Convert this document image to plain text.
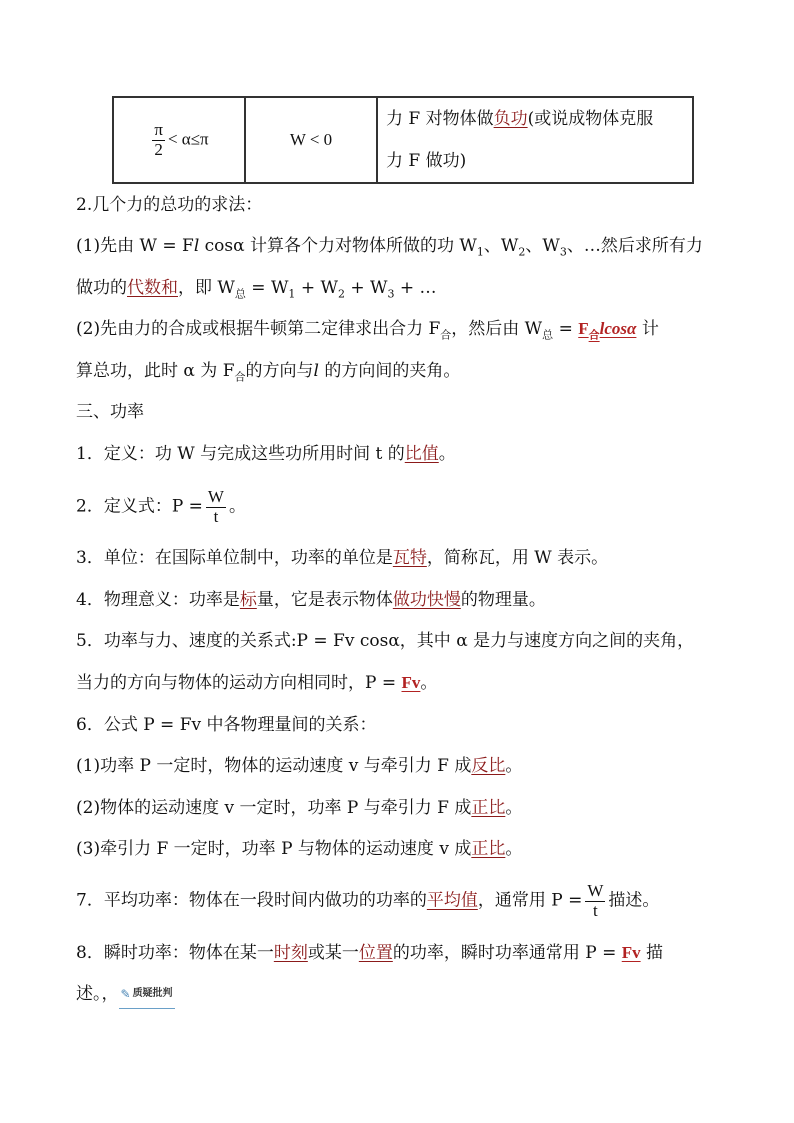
$\frac{\pi}{2} < \alpha\le\pi$	W < 0	力 F 对物体做负功(或说成物体克服
力 F 做功)
2.几个力的总功的求法：
(1)先由 W = Fl cosα 计算各个力对物体所做的功 $W_1$、$W_2$、$W_3$、…然后求所有力
做功的代数和，即 $W_总 = W_1 + W_2 + W_3$ + …
(2)先由力的合成或根据牛顿第二定律求出合力 $F_合$，然后由 $W_总 = F_合lcos\alpha$ 计
算总功，此时 α 为 $F_合$的方向与l 的方向间的夹角。
三、功率
1．定义：功 W 与完成这些功所用时间 t 的比值。
2．定义式：$P = \frac{W}{t}$ 。
3．单位：在国际单位制中，功率的单位是瓦特，简称瓦，用 W 表示。
4．物理意义：功率是标量，它是表示物体做功快慢的物理量。
5．功率与力、速度的关系式:P = Fv cosα，其中 α 是力与速度方向之间的夹角，
当力的方向与物体的运动方向相同时，P = Fv。
6．公式 P = Fv 中各物理量间的关系：
(1)功率 P 一定时，物体的运动速度 v 与牵引力 F 成反比。
(2)物体的运动速度 v 一定时，功率 P 与牵引力 F 成正比。
(3)牵引力 F 一定时，功率 P 与物体的运动速度 v 成正比。
7．平均功率：物体在一段时间内做功的功率的平均值，通常用 $P = \frac{W}{t}$ 描述。
8．瞬时功率：物体在某一时刻或某一位置的功率，瞬时功率通常用 P = Fv 描
述。， ✎ 质疑批判
